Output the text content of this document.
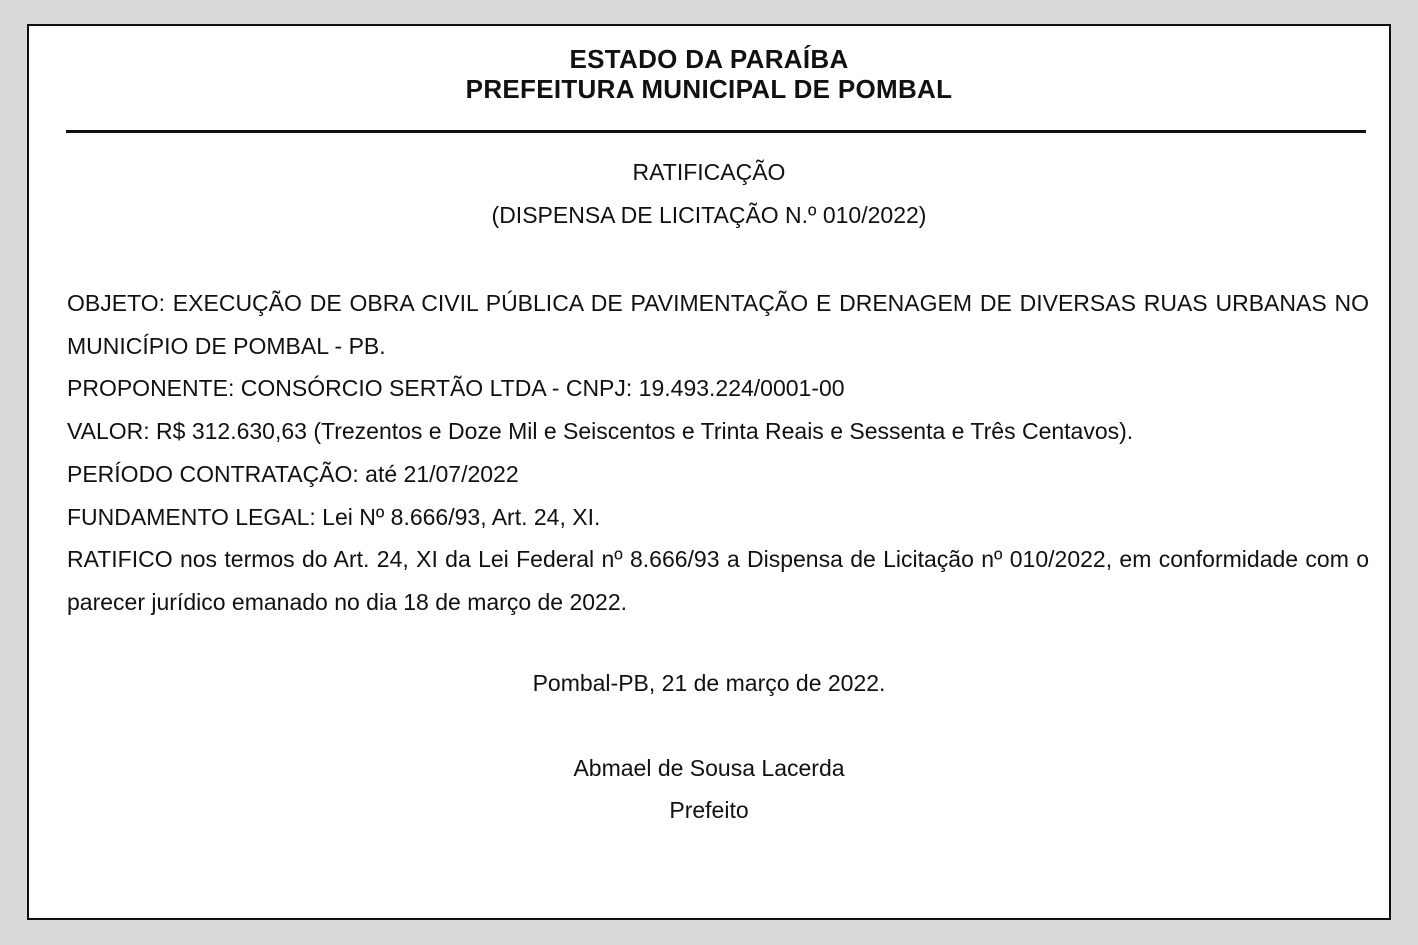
ESTADO DA PARAÍBA
PREFEITURA MUNICIPAL DE POMBAL
RATIFICAÇÃO
(DISPENSA DE LICITAÇÃO N.º 010/2022)
OBJETO: EXECUÇÃO DE OBRA CIVIL PÚBLICA DE PAVIMENTAÇÃO E DRENAGEM DE DIVERSAS RUAS URBANAS NO MUNICÍPIO DE POMBAL - PB.
PROPONENTE: CONSÓRCIO SERTÃO LTDA - CNPJ: 19.493.224/0001-00
VALOR: R$ 312.630,63 (Trezentos e Doze Mil e Seiscentos e Trinta Reais e Sessenta e Três Centavos).
PERÍODO CONTRATAÇÃO: até 21/07/2022
FUNDAMENTO LEGAL: Lei Nº 8.666/93, Art. 24, XI.
RATIFICO nos termos do Art. 24, XI da Lei Federal nº 8.666/93 a Dispensa de Licitação nº 010/2022, em conformidade com o parecer jurídico emanado no dia 18 de março de 2022.
Pombal-PB, 21 de março de 2022.
Abmael de Sousa Lacerda
Prefeito
